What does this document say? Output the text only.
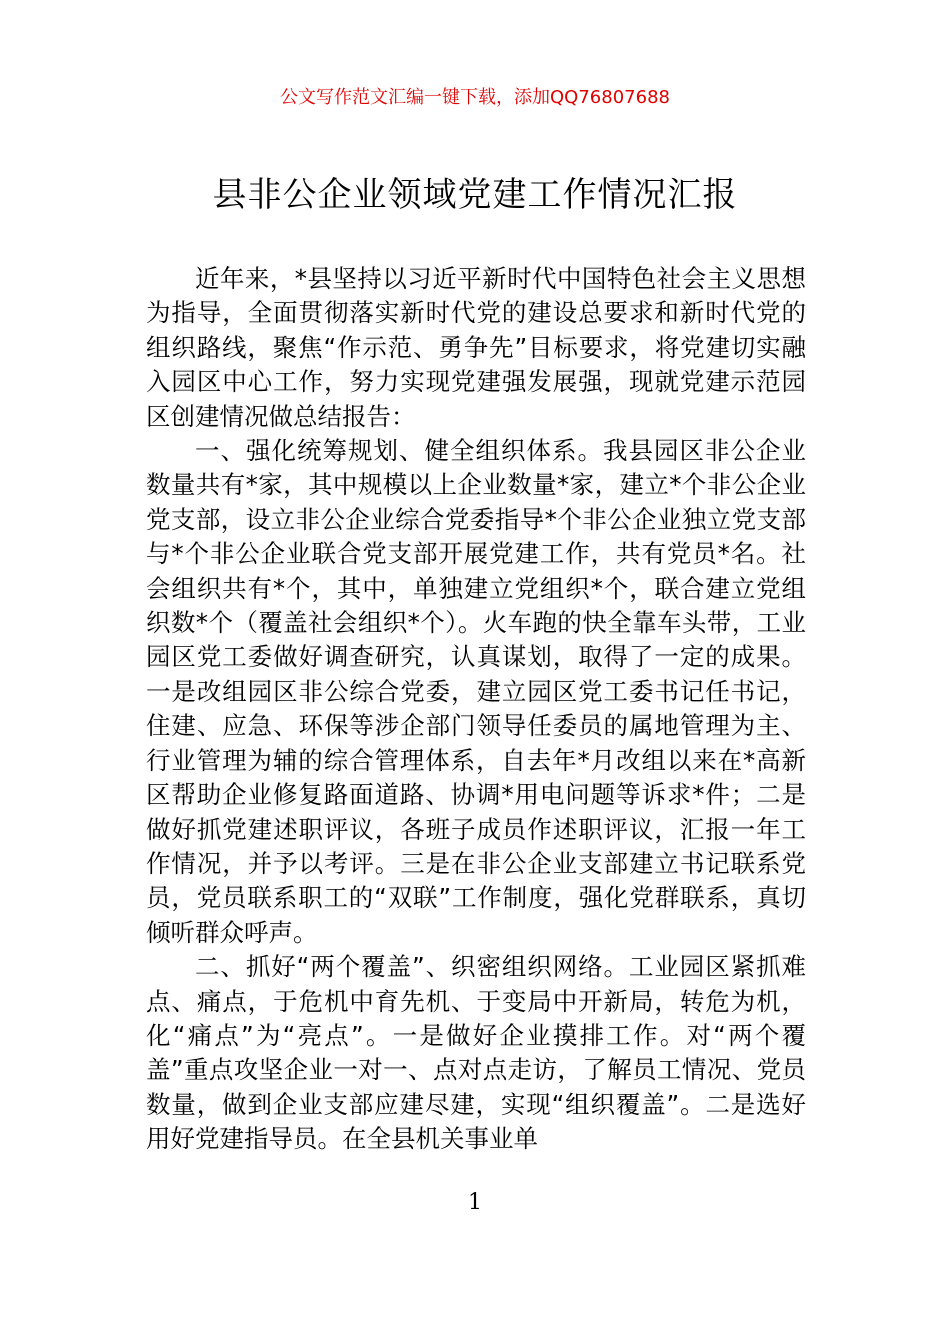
公文写作范文汇编一键下载，添加QQ76807688
县非公企业领域党建工作情况汇报

近年来，*县坚持以习近平新时代中国特色社会主义思想为指导，全面贯彻落实新时代党的建设总要求和新时代党的组织路线，聚焦“作示范、勇争先”目标要求，将党建切实融入园区中心工作，努力实现党建强发展强，现就党建示范园区创建情况做总结报告：

一、强化统筹规划、健全组织体系。我县园区非公企业数量共有*家，其中规模以上企业数量*家，建立*个非公企业党支部，设立非公企业综合党委指导*个非公企业独立党支部与*个非公企业联合党支部开展党建工作，共有党员*名。社会组织共有*个，其中，单独建立党组织*个，联合建立党组织数*个（覆盖社会组织*个）。火车跑的快全靠车头带，工业园区党工委做好调查研究，认真谋划，取得了一定的成果。一是改组园区非公综合党委，建立园区党工委书记任书记，住建、应急、环保等涉企部门领导任委员的属地管理为主、行业管理为辅的综合管理体系，自去年*月改组以来在*高新区帮助企业修复路面道路、协调*用电问题等诉求*件；二是做好抓党建述职评议，各班子成员作述职评议，汇报一年工作情况，并予以考评。三是在非公企业支部建立书记联系党员，党员联系职工的“双联”工作制度，强化党群联系，真切倾听群众呼声。

二、抓好“两个覆盖”、织密组织网络。工业园区紧抓难点、痛点，于危机中育先机、于变局中开新局，转危为机，化“痛点”为“亮点”。一是做好企业摸排工作。对“两个覆盖”重点攻坚企业一对一、点对点走访，了解员工情况、党员数量，做到企业支部应建尽建，实现“组织覆盖”。二是选好用好党建指导员。在全县机关事业单

1
